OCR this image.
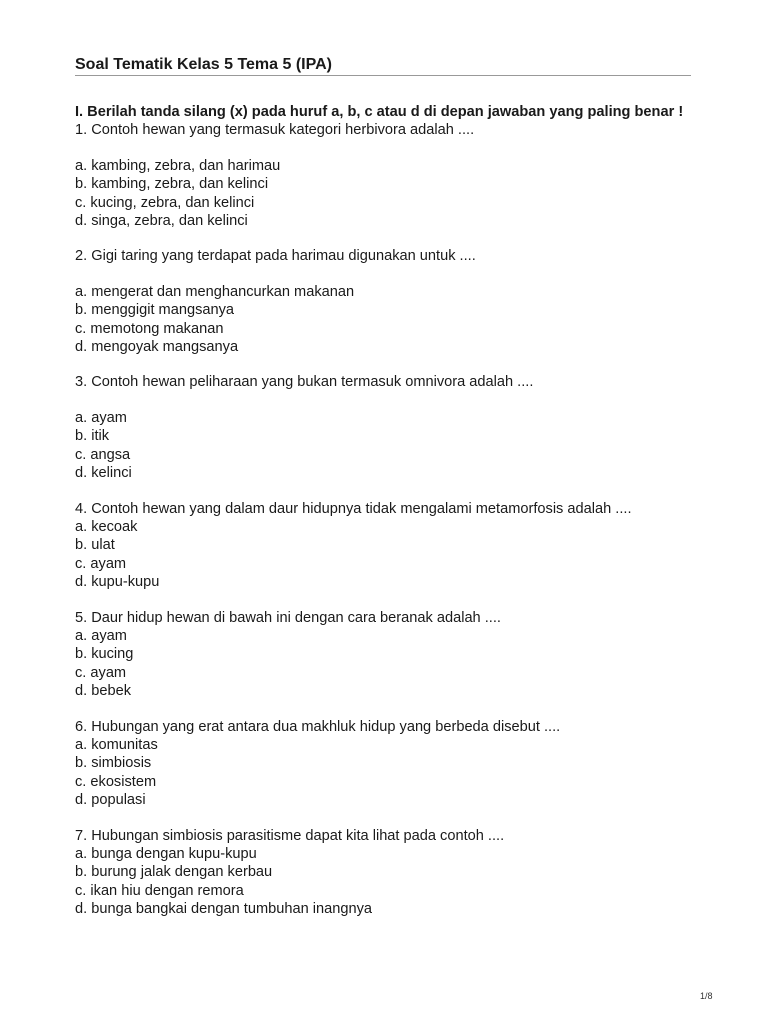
Soal Tematik Kelas 5 Tema 5 (IPA)

I. Berilah tanda silang (x) pada huruf a, b, c atau d di depan jawaban yang paling benar !

1. Contoh hewan yang termasuk kategori herbivora adalah ....

a. kambing, zebra, dan harimau
b. kambing, zebra, dan kelinci
c. kucing, zebra, dan kelinci
d. singa, zebra, dan kelinci

2. Gigi taring yang terdapat pada harimau digunakan untuk ....

a. mengerat dan menghancurkan makanan
b. menggigit mangsanya
c. memotong makanan
d. mengoyak mangsanya

3. Contoh hewan peliharaan yang bukan termasuk omnivora adalah ....

a. ayam
b. itik
c. angsa
d. kelinci

4. Contoh hewan yang dalam daur hidupnya tidak mengalami metamorfosis adalah ....

a. kecoak
b. ulat
c. ayam
d. kupu-kupu

5. Daur hidup hewan di bawah ini dengan cara beranak adalah ....

a. ayam
b. kucing
c. ayam
d. bebek

6. Hubungan yang erat antara dua makhluk hidup yang berbeda disebut ....

a. komunitas
b. simbiosis
c. ekosistem
d. populasi

7. Hubungan simbiosis parasitisme dapat kita lihat pada contoh ....

a. bunga dengan kupu-kupu
b. burung jalak dengan kerbau
c. ikan hiu dengan remora
d. bunga bangkai dengan tumbuhan inangnya
1/8
